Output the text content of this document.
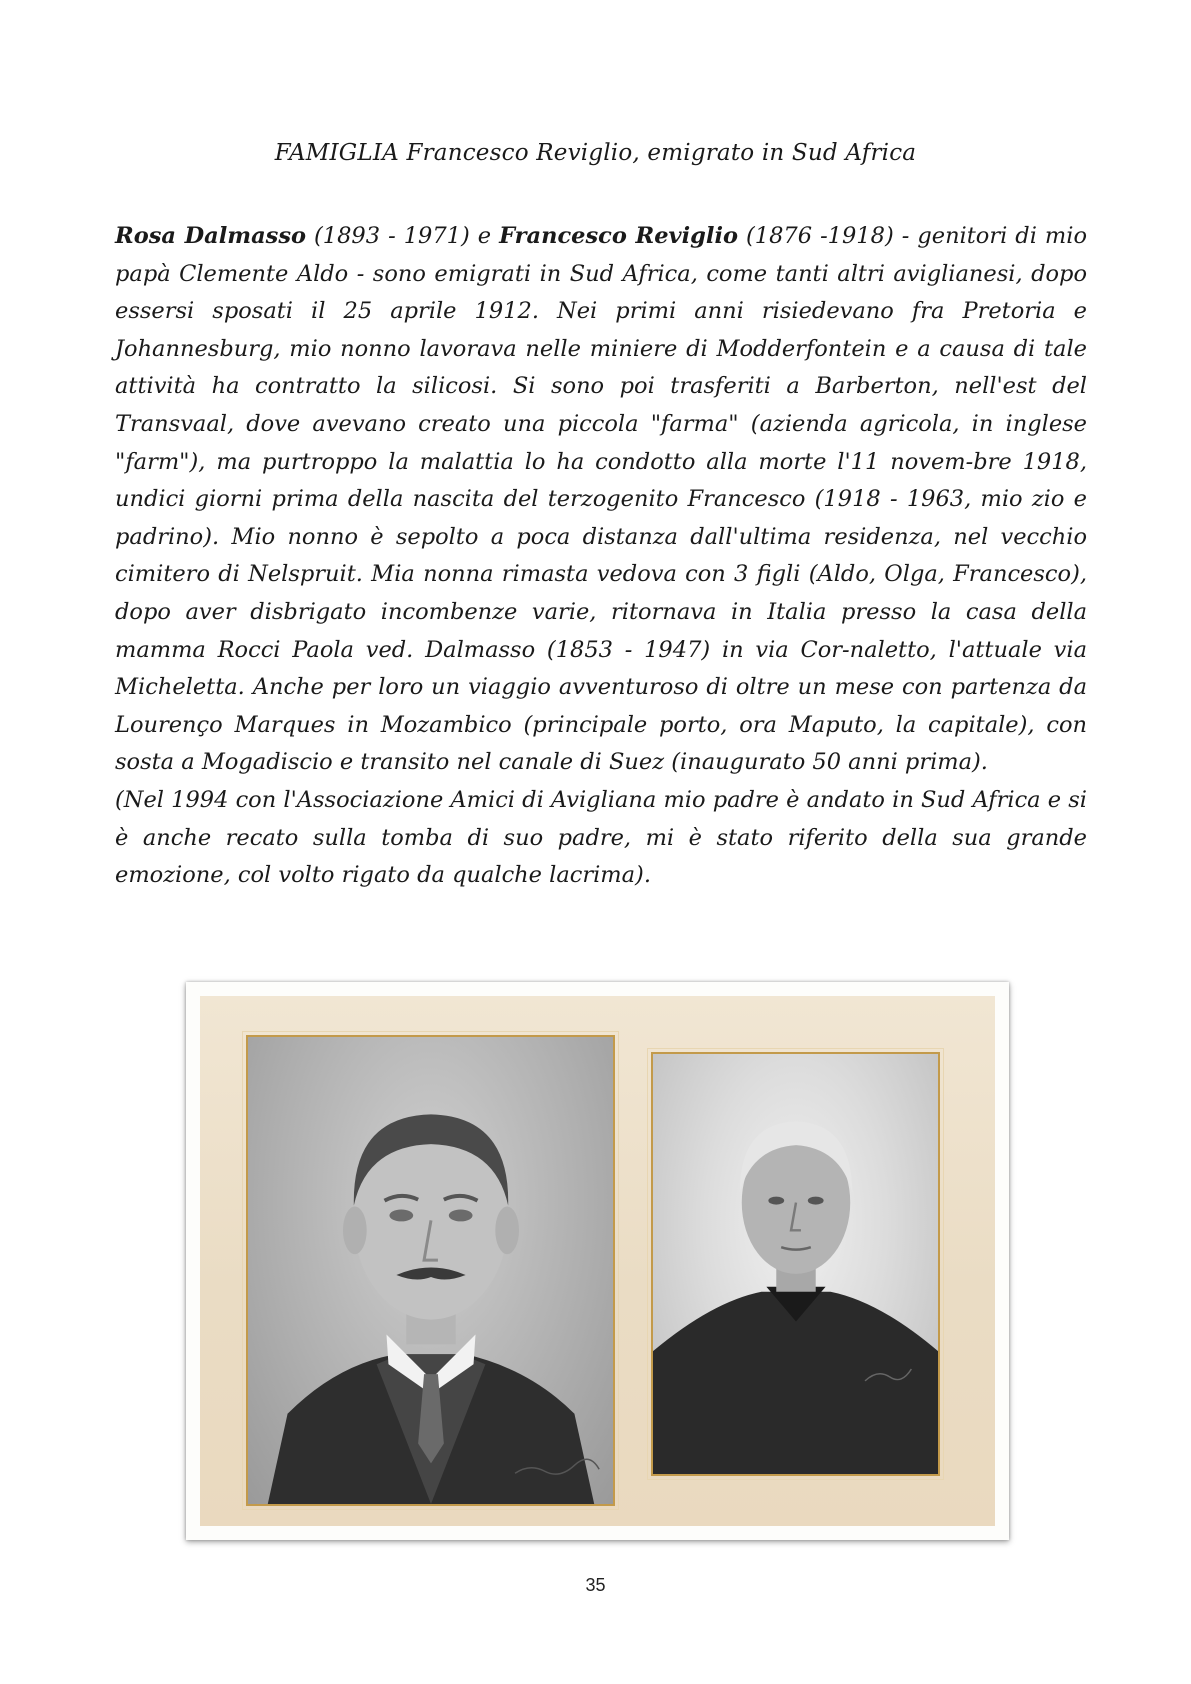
FAMIGLIA Francesco Reviglio, emigrato in Sud Africa

Rosa Dalmasso (1893 - 1971) e Francesco Reviglio (1876 -1918) - genitori di mio papà Clemente Aldo - sono emigrati in Sud Africa, come tanti altri aviglianesi, dopo essersi sposati il 25 aprile 1912. Nei primi anni risiedevano fra Pretoria e Johannesburg, mio nonno lavorava nelle miniere di Modderfontein e a causa di tale attività ha contratto la silicosi. Si sono poi trasferiti a Barberton, nell'est del Transvaal, dove avevano creato una piccola "farma" (azienda agricola, in inglese "farm"), ma purtroppo la malattia lo ha condotto alla morte l'11 novem-bre 1918, undici giorni prima della nascita del terzogenito Francesco (1918 - 1963, mio zio e padrino). Mio nonno è sepolto a poca distanza dall'ultima residenza, nel vecchio cimitero di Nelspruit. Mia nonna rimasta vedova con 3 figli (Aldo, Olga, Francesco), dopo aver disbrigato incombenze varie, ritornava in Italia presso la casa della mamma Rocci Paola ved. Dalmasso (1853 - 1947) in via Cor-naletto, l'attuale via Micheletta. Anche per loro un viaggio avventuroso di oltre un mese con partenza da Lourenço Marques in Mozambico (principale porto, ora Maputo, la capitale), con sosta a Mogadiscio e transito nel canale di Suez (inaugurato 50 anni prima).

(Nel 1994 con l'Associazione Amici di Avigliana mio padre è andato in Sud Africa e si è anche recato sulla tomba di suo padre, mi è stato riferito della sua grande emozione, col volto rigato da qualche lacrima).

35
